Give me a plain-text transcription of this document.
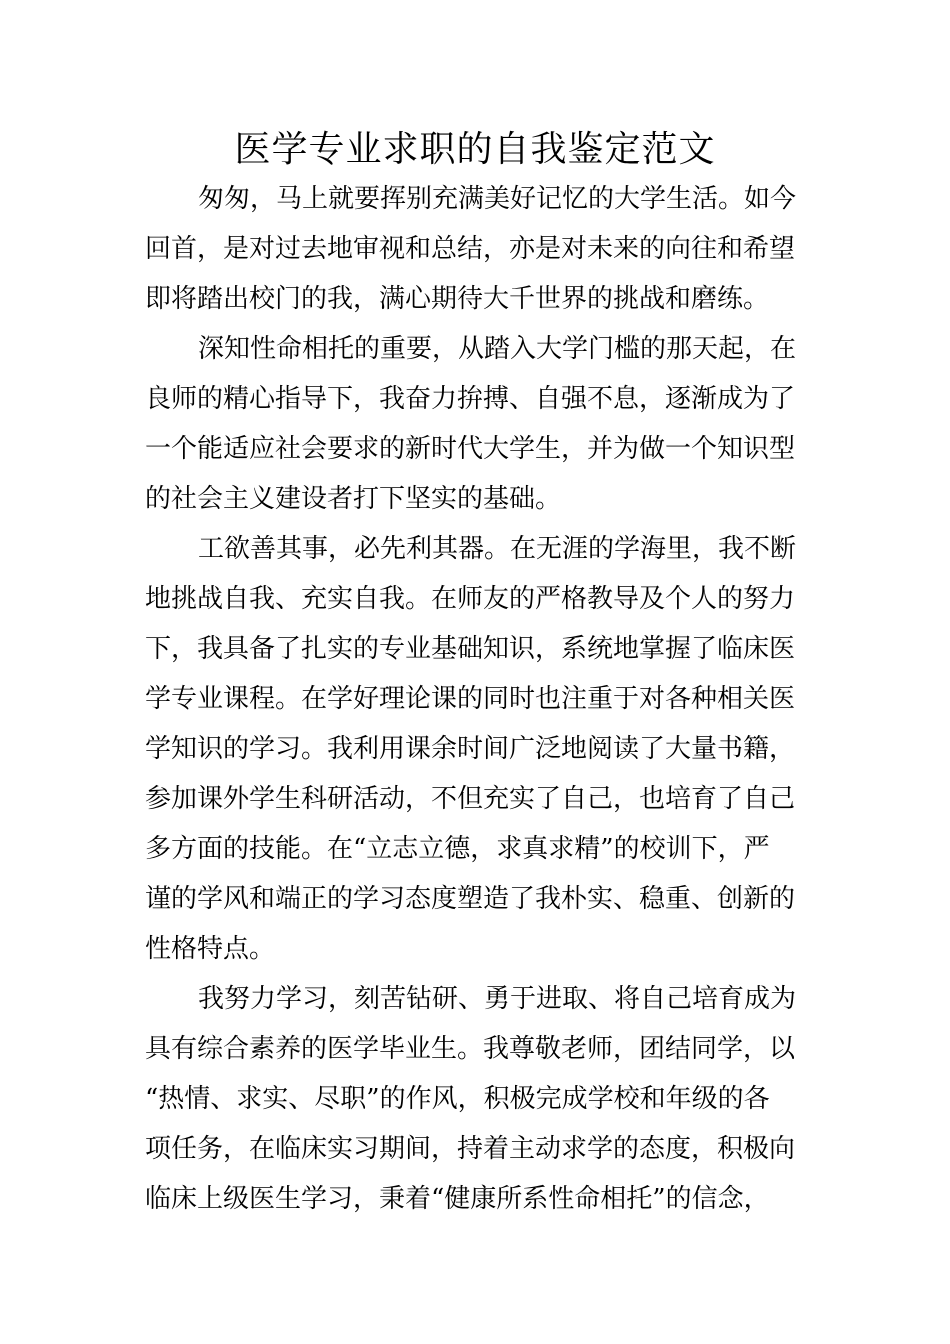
医学专业求职的自我鉴定范文
匆匆，马上就要挥别充满美好记忆的大学生活。如今
回首，是对过去地审视和总结，亦是对未来的向往和希望
即将踏出校门的我，满心期待大千世界的挑战和磨练。
深知性命相托的重要，从踏入大学门槛的那天起，在
良师的精心指导下，我奋力拚搏、自强不息，逐渐成为了
一个能适应社会要求的新时代大学生，并为做一个知识型
的社会主义建设者打下坚实的基础。
工欲善其事，必先利其器。在无涯的学海里，我不断
地挑战自我、充实自我。在师友的严格教导及个人的努力
下，我具备了扎实的专业基础知识，系统地掌握了临床医
学专业课程。在学好理论课的同时也注重于对各种相关医
学知识的学习。我利用课余时间广泛地阅读了大量书籍，
参加课外学生科研活动，不但充实了自己，也培育了自己
多方面的技能。在“立志立德，求真求精”的校训下，严
谨的学风和端正的学习态度塑造了我朴实、稳重、创新的
性格特点。
我努力学习，刻苦钻研、勇于进取、将自己培育成为
具有综合素养的医学毕业生。我尊敬老师，团结同学，以
“热情、求实、尽职”的作风，积极完成学校和年级的各
项任务，在临床实习期间，持着主动求学的态度，积极向
临床上级医生学习，秉着“健康所系性命相托”的信念，
